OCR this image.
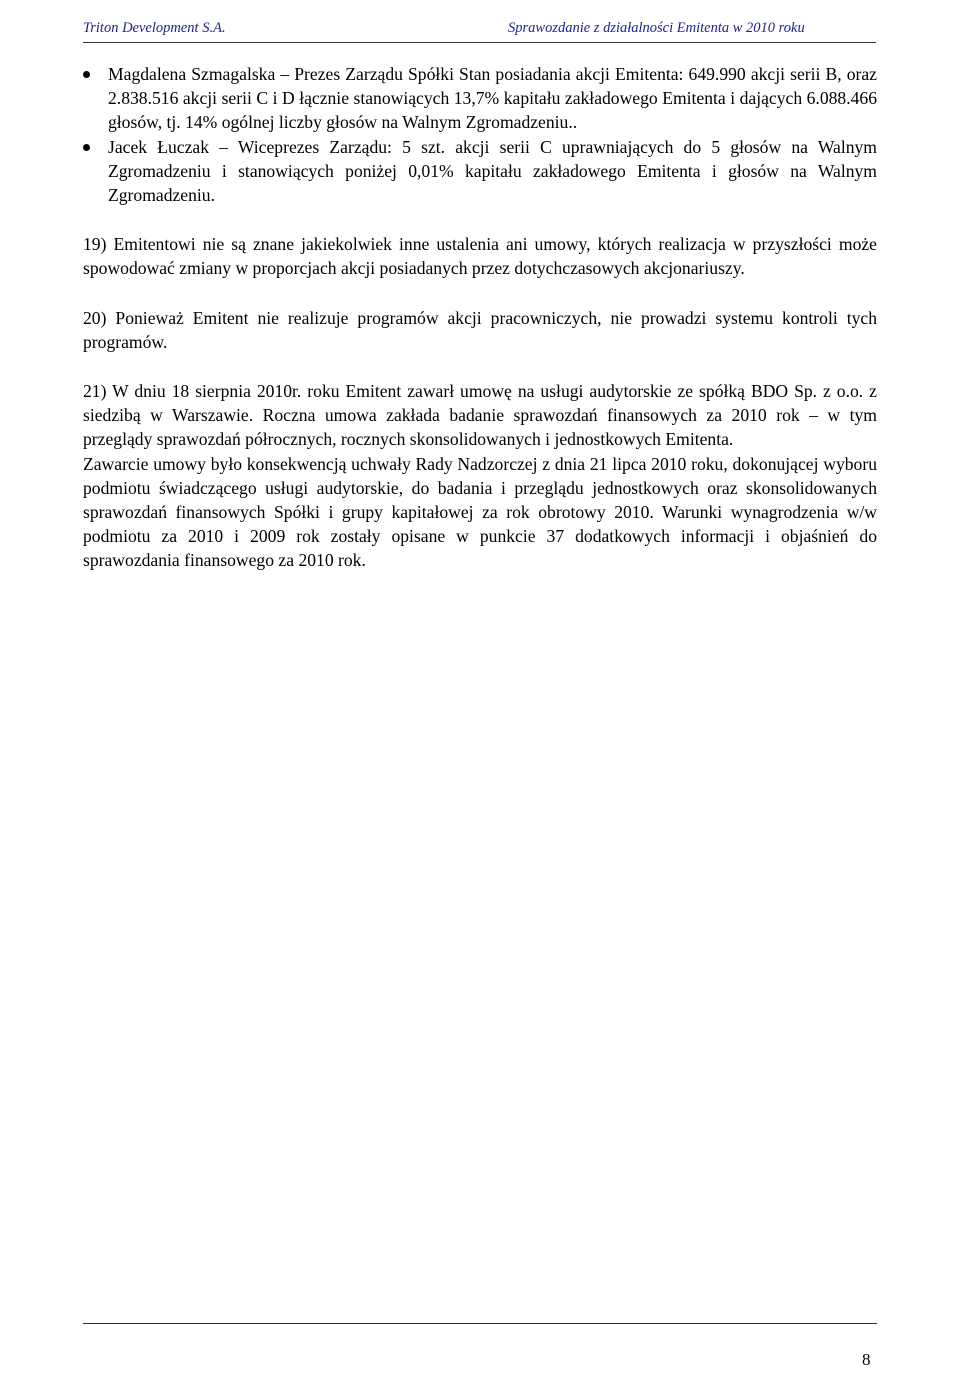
Triton Development S.A.	Sprawozdanie z działalności Emitenta w 2010 roku
Magdalena Szmagalska – Prezes Zarządu Spółki Stan posiadania akcji Emitenta: 649.990 akcji serii B, oraz 2.838.516 akcji serii C i D łącznie stanowiących 13,7% kapitału zakładowego Emitenta i dających 6.088.466 głosów, tj. 14% ogólnej liczby głosów na Walnym Zgromadzeniu..
Jacek Łuczak – Wiceprezes Zarządu: 5 szt. akcji serii C uprawniających do 5 głosów na Walnym Zgromadzeniu i stanowiących poniżej 0,01% kapitału zakładowego Emitenta i głosów na Walnym Zgromadzeniu.

19) Emitentowi nie są znane jakiekolwiek inne ustalenia ani umowy, których realizacja w przyszłości może spowodować zmiany w proporcjach akcji posiadanych przez dotychczasowych akcjonariuszy.

20) Ponieważ Emitent nie realizuje programów akcji pracowniczych, nie prowadzi systemu kontroli tych programów.

21) W dniu 18 sierpnia 2010r. roku Emitent zawarł umowę na usługi audytorskie ze spółką BDO Sp. z o.o. z siedzibą w Warszawie. Roczna umowa zakłada badanie sprawozdań finansowych za 2010 rok – w tym przeglądy sprawozdań półrocznych, rocznych skonsolidowanych i jednostkowych Emitenta.

Zawarcie umowy było konsekwencją uchwały Rady Nadzorczej z dnia 21 lipca 2010 roku, dokonującej wyboru podmiotu świadczącego usługi audytorskie, do badania i przeglądu jednostkowych oraz skonsolidowanych sprawozdań finansowych Spółki i grupy kapitałowej za rok obrotowy 2010. Warunki wynagrodzenia w/w podmiotu za 2010 i 2009 rok zostały opisane w punkcie 37 dodatkowych informacji i objaśnień do sprawozdania finansowego za 2010 rok.

8
